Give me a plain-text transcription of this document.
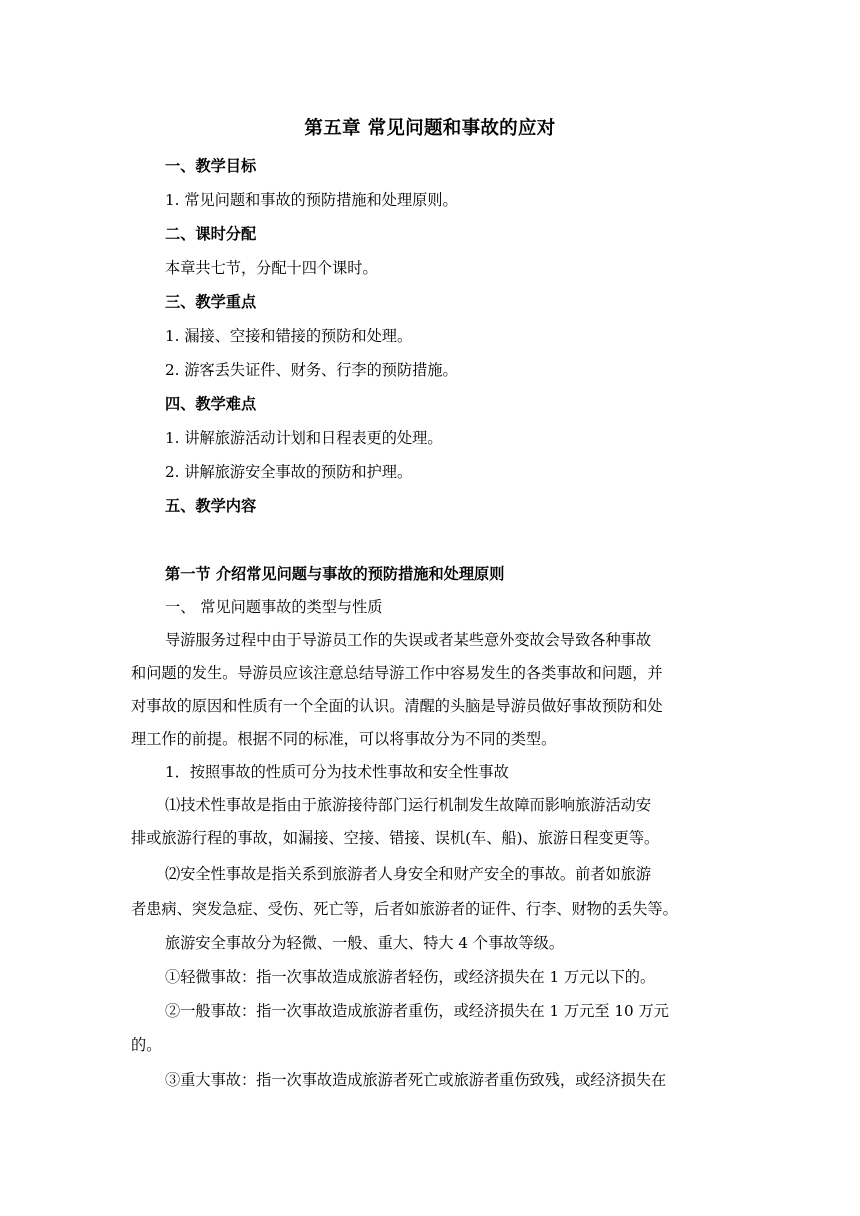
第五章 常见问题和事故的应对
一、教学目标
1. 常见问题和事故的预防措施和处理原则。
二、课时分配
本章共七节，分配十四个课时。
三、教学重点
1. 漏接、空接和错接的预防和处理。
2. 游客丢失证件、财务、行李的预防措施。
四、教学难点
1. 讲解旅游活动计划和日程表更的处理。
2. 讲解旅游安全事故的预防和护理。
五、教学内容
第一节 介绍常见问题与事故的预防措施和处理原则
一、 常见问题事故的类型与性质
导游服务过程中由于导游员工作的失误或者某些意外变故会导致各种事故
和问题的发生。导游员应该注意总结导游工作中容易发生的各类事故和问题，并
对事故的原因和性质有一个全面的认识。清醒的头脑是导游员做好事故预防和处
理工作的前提。根据不同的标准，可以将事故分为不同的类型。
1．按照事故的性质可分为技术性事故和安全性事故
⑴技术性事故是指由于旅游接待部门运行机制发生故障而影响旅游活动安
排或旅游行程的事故，如漏接、空接、错接、误机(车、船)、旅游日程变更等。
⑵安全性事故是指关系到旅游者人身安全和财产安全的事故。前者如旅游
者患病、突发急症、受伤、死亡等，后者如旅游者的证件、行李、财物的丢失等。
旅游安全事故分为轻微、一般、重大、特大 4 个事故等级。
①轻微事故：指一次事故造成旅游者轻伤，或经济损失在 1 万元以下的。
②一般事故：指一次事故造成旅游者重伤，或经济损失在 1 万元至 10 万元
的。
③重大事故：指一次事故造成旅游者死亡或旅游者重伤致残，或经济损失在
